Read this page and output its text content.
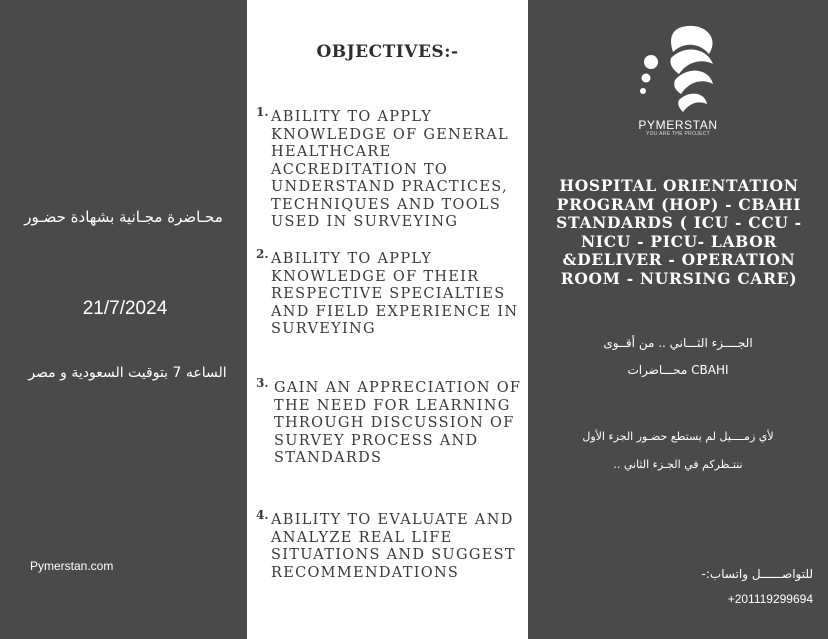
محـاضرة مجـانية بشهادة حضـور
21/7/2024
الساعه 7 بتوقيت السعودية و مصر
Pymerstan.com
OBJECTIVES:-
1. ABILITY TO APPLY KNOWLEDGE OF GENERAL HEALTHCARE ACCREDITATION TO UNDERSTAND PRACTICES, TECHNIQUES AND TOOLS USED IN SURVEYING
2. ABILITY TO APPLY KNOWLEDGE OF THEIR RESPECTIVE SPECIALTIES AND FIELD EXPERIENCE IN SURVEYING
3. GAIN AN APPRECIATION OF THE NEED FOR LEARNING THROUGH DISCUSSION OF SURVEY PROCESS AND STANDARDS
4. ABILITY TO EVALUATE AND ANALYZE REAL LIFE SITUATIONS AND SUGGEST RECOMMENDATIONS
PYMERSTAN
YOU ARE THE PROJECT
HOSPITAL ORIENTATION PROGRAM (HOP) - CBAHI STANDARDS ( ICU - CCU - NICU - PICU- LABOR &DELIVER - OPERATION ROOM - NURSING CARE)
الجــــزء الثـــاني .. من أقــوى
CBAHI محـــاضرات
لأي زمــــيل لم يستطع حضـور الجزء الأول
ننتـظركم في الجـزء الثاني ..
للتواصــــــل واتساب:-
+201119299694
